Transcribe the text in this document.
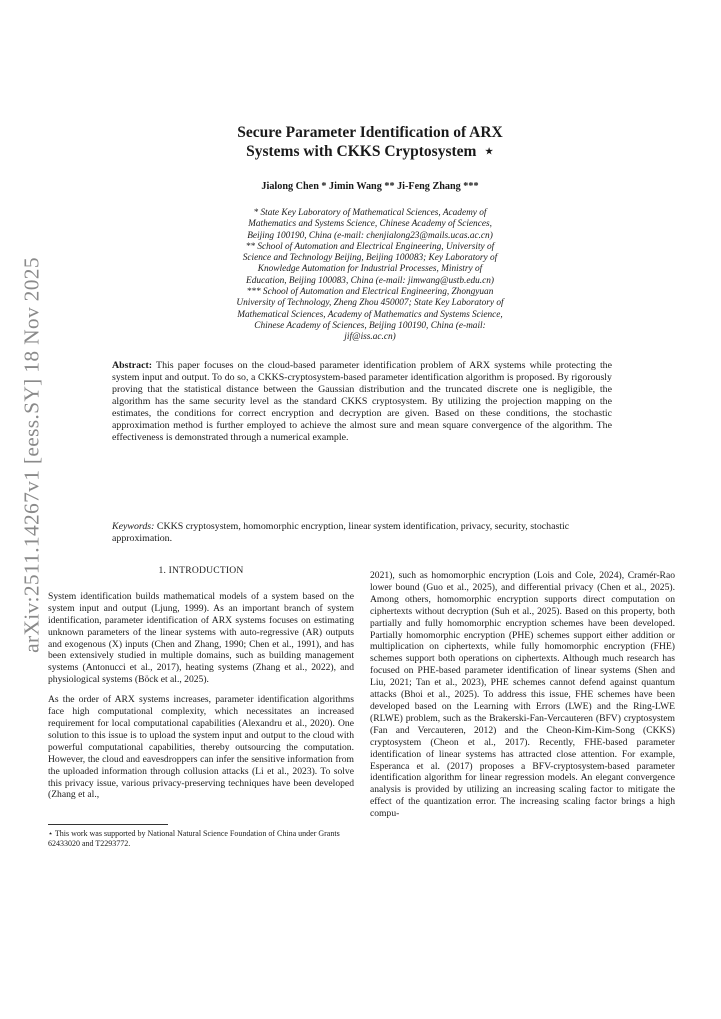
arXiv:2511.14267v1 [eess.SY] 18 Nov 2025
Secure Parameter Identification of ARX
Systems with CKKS Cryptosystem ⋆
Jialong Chen * Jimin Wang ** Ji-Feng Zhang ***
* State Key Laboratory of Mathematical Sciences, Academy of
Mathematics and Systems Science, Chinese Academy of Sciences,
Beijing 100190, China (e-mail: chenjialong23@mails.ucas.ac.cn)
** School of Automation and Electrical Engineering, University of
Science and Technology Beijing, Beijing 100083; Key Laboratory of
Knowledge Automation for Industrial Processes, Ministry of
Education, Beijing 100083, China (e-mail: jimwang@ustb.edu.cn)
*** School of Automation and Electrical Engineering, Zhongyuan
University of Technology, Zheng Zhou 450007; State Key Laboratory of
Mathematical Sciences, Academy of Mathematics and Systems Science,
Chinese Academy of Sciences, Beijing 100190, China (e-mail:
jif@iss.ac.cn)
Abstract: This paper focuses on the cloud-based parameter identification problem of ARX systems while protecting the system input and output. To do so, a CKKS-cryptosystem-based parameter identification algorithm is proposed. By rigorously proving that the statistical distance between the Gaussian distribution and the truncated discrete one is negligible, the algorithm has the same security level as the standard CKKS cryptosystem. By utilizing the projection mapping on the estimates, the conditions for correct encryption and decryption are given. Based on these conditions, the stochastic approximation method is further employed to achieve the almost sure and mean square convergence of the algorithm. The effectiveness is demonstrated through a numerical example.
Keywords: CKKS cryptosystem, homomorphic encryption, linear system identification, privacy, security, stochastic approximation.
1. INTRODUCTION

System identification builds mathematical models of a system based on the system input and output (Ljung, 1999). As an important branch of system identification, parameter identification of ARX systems focuses on estimating unknown parameters of the linear systems with auto-regressive (AR) outputs and exogenous (X) inputs (Chen and Zhang, 1990; Chen et al., 1991), and has been extensively studied in multiple domains, such as building management systems (Antonucci et al., 2017), heating systems (Zhang et al., 2022), and physiological systems (Böck et al., 2025).

As the order of ARX systems increases, parameter identification algorithms face high computational complexity, which necessitates an increased requirement for local computational capabilities (Alexandru et al., 2020). One solution to this issue is to upload the system input and output to the cloud with powerful computational capabilities, thereby outsourcing the computation. However, the cloud and eavesdroppers can infer the sensitive information from the uploaded information through collusion attacks (Li et al., 2023). To solve this privacy issue, various privacy-preserving techniques have been developed (Zhang et al.,

2021), such as homomorphic encryption (Lois and Cole, 2024), Cramér-Rao lower bound (Guo et al., 2025), and differential privacy (Chen et al., 2025). Among others, homomorphic encryption supports direct computation on ciphertexts without decryption (Suh et al., 2025). Based on this property, both partially and fully homomorphic encryption schemes have been developed. Partially homomorphic encryption (PHE) schemes support either addition or multiplication on ciphertexts, while fully homomorphic encryption (FHE) schemes support both operations on ciphertexts. Although much research has focused on PHE-based parameter identification of linear systems (Shen and Liu, 2021; Tan et al., 2023), PHE schemes cannot defend against quantum attacks (Bhoi et al., 2025). To address this issue, FHE schemes have been developed based on the Learning with Errors (LWE) and the Ring-LWE (RLWE) problem, such as the Brakerski-Fan-Vercauteren (BFV) cryptosystem (Fan and Vercauteren, 2012) and the Cheon-Kim-Kim-Song (CKKS) cryptosystem (Cheon et al., 2017). Recently, FHE-based parameter identification of linear systems has attracted close attention. For example, Esperanca et al. (2017) proposes a BFV-cryptosystem-based parameter identification algorithm for linear regression models. An elegant convergence analysis is provided by utilizing an increasing scaling factor to mitigate the effect of the quantization error. The increasing scaling factor brings a high compu-

⋆ This work was supported by National Natural Science Foundation of China under Grants 62433020 and T2293772.
